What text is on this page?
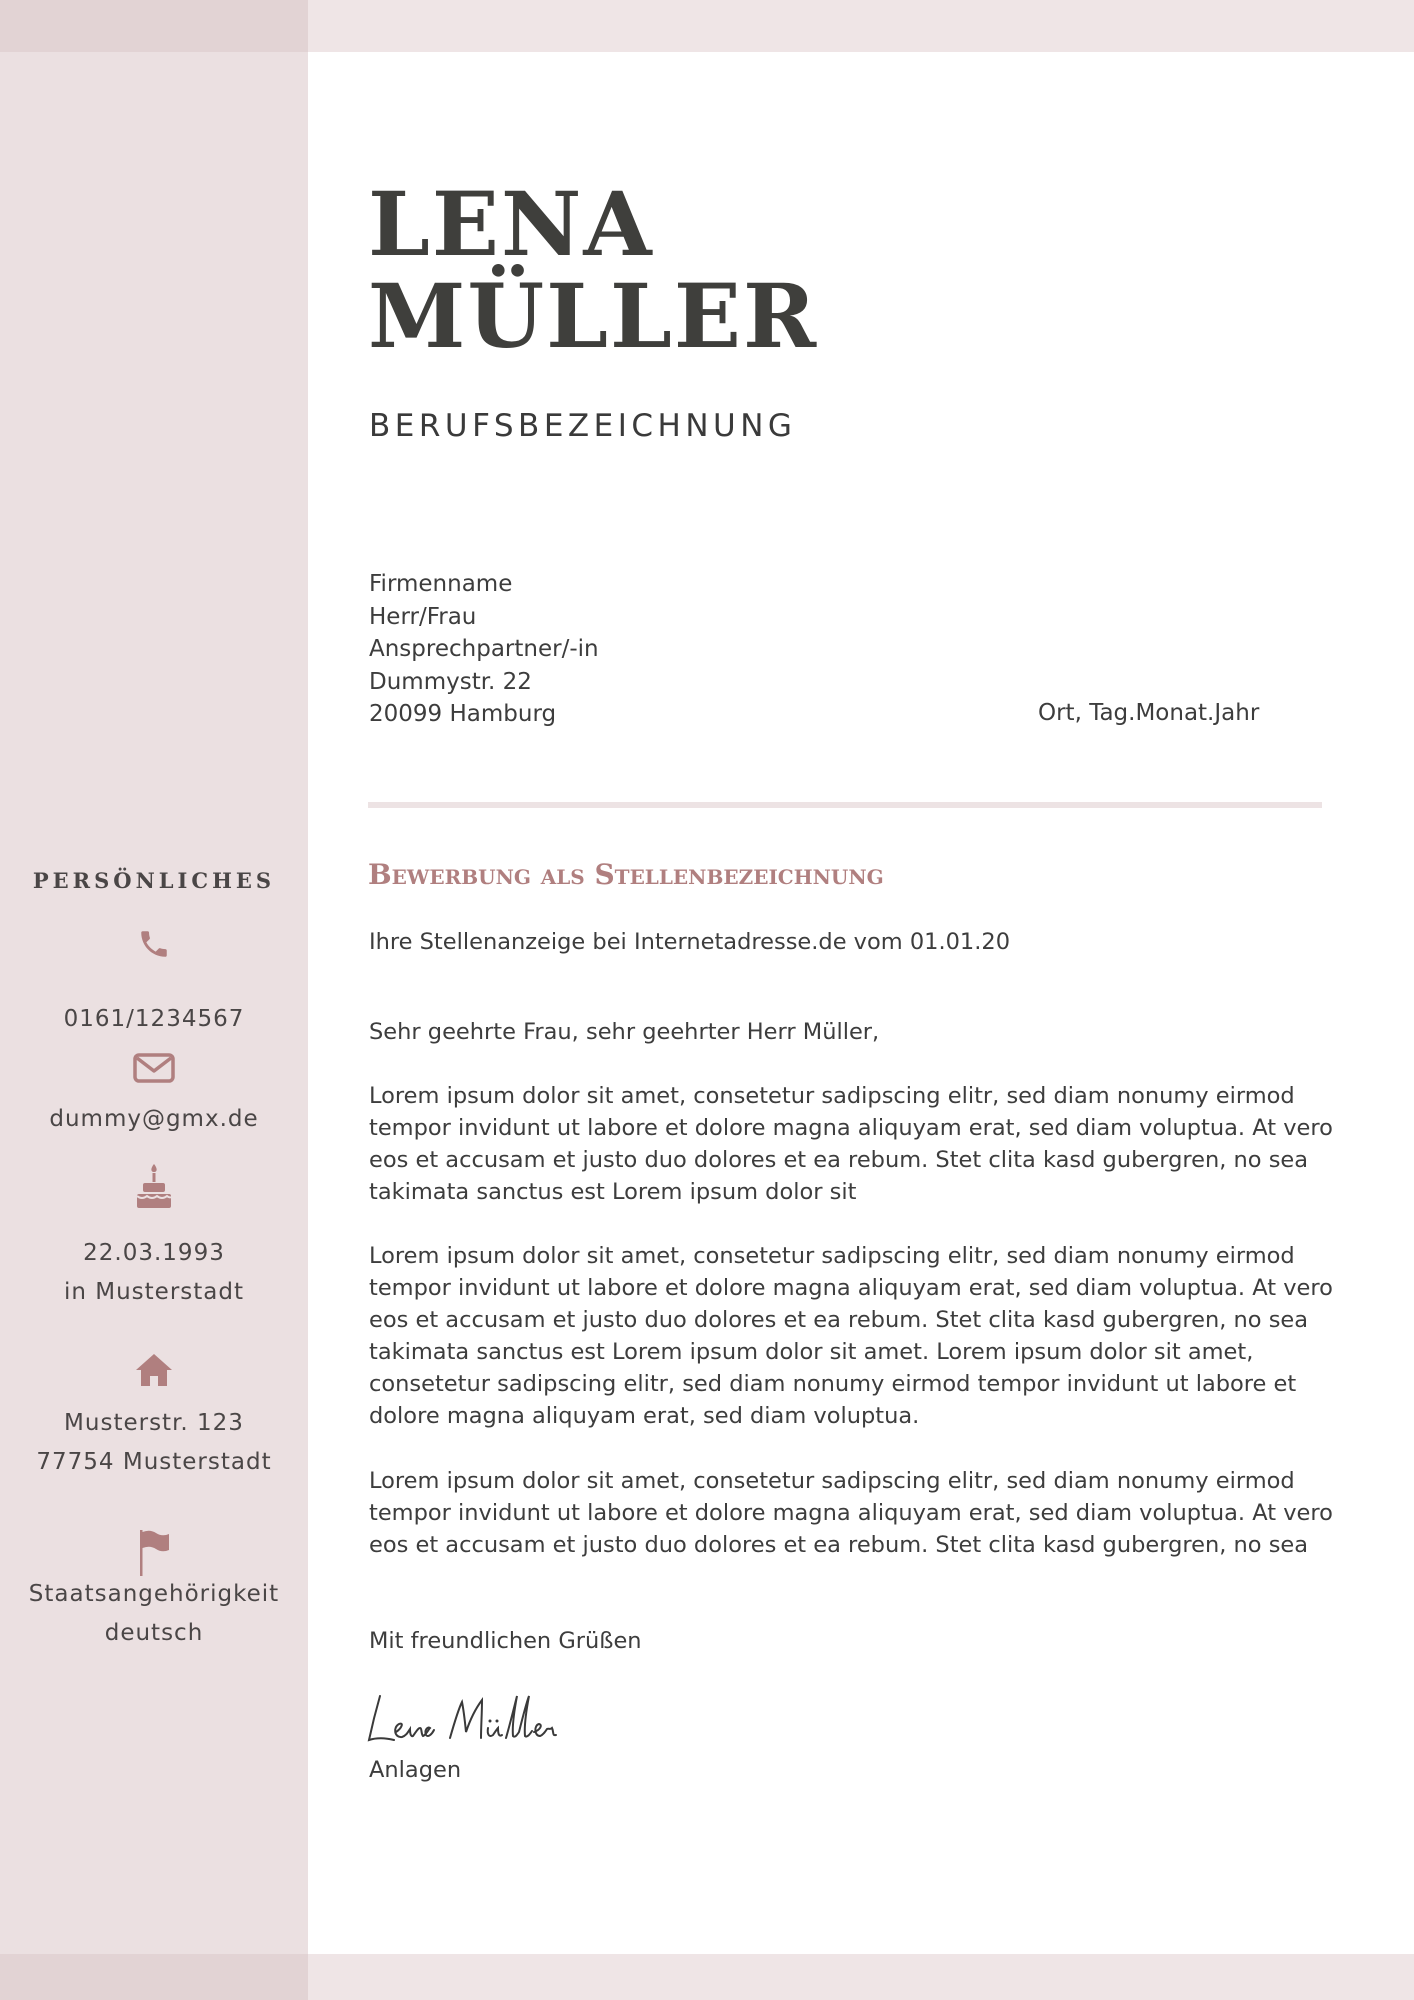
PERSÖNLICHES
0161/1234567
dummy@gmx.de
22.03.1993
in Musterstadt
Musterstr. 123
77754 Musterstadt
Staatsangehörigkeit
deutsch
LENA
MÜLLER
BERUFSBEZEICHNUNG
Firmenname
Herr/Frau
Ansprechpartner/-in
Dummystr. 22
20099 Hamburg	Ort, Tag.Monat.Jahr
Bewerbung als Stellenbezeichnung

Ihre Stellenanzeige bei Internetadresse.de vom 01.01.20

Sehr geehrte Frau, sehr geehrter Herr Müller,

Lorem ipsum dolor sit amet, consetetur sadipscing elitr, sed diam nonumy eirmod tempor invidunt ut labore et dolore magna aliquyam erat, sed diam voluptua. At vero eos et accusam et justo duo dolores et ea rebum. Stet clita kasd gubergren, no sea takimata sanctus est Lorem ipsum dolor sit

Lorem ipsum dolor sit amet, consetetur sadipscing elitr, sed diam nonumy eirmod tempor invidunt ut labore et dolore magna aliquyam erat, sed diam voluptua. At vero eos et accusam et justo duo dolores et ea rebum. Stet clita kasd gubergren, no sea takimata sanctus est Lorem ipsum dolor sit amet. Lorem ipsum dolor sit amet, consetetur sadipscing elitr, sed diam nonumy eirmod tempor invidunt ut labore et dolore magna aliquyam erat, sed diam voluptua.

Lorem ipsum dolor sit amet, consetetur sadipscing elitr, sed diam nonumy eirmod tempor invidunt ut labore et dolore magna aliquyam erat, sed diam voluptua. At vero eos et accusam et justo duo dolores et ea rebum. Stet clita kasd gubergren, no sea

Mit freundlichen Grüßen

Anlagen
